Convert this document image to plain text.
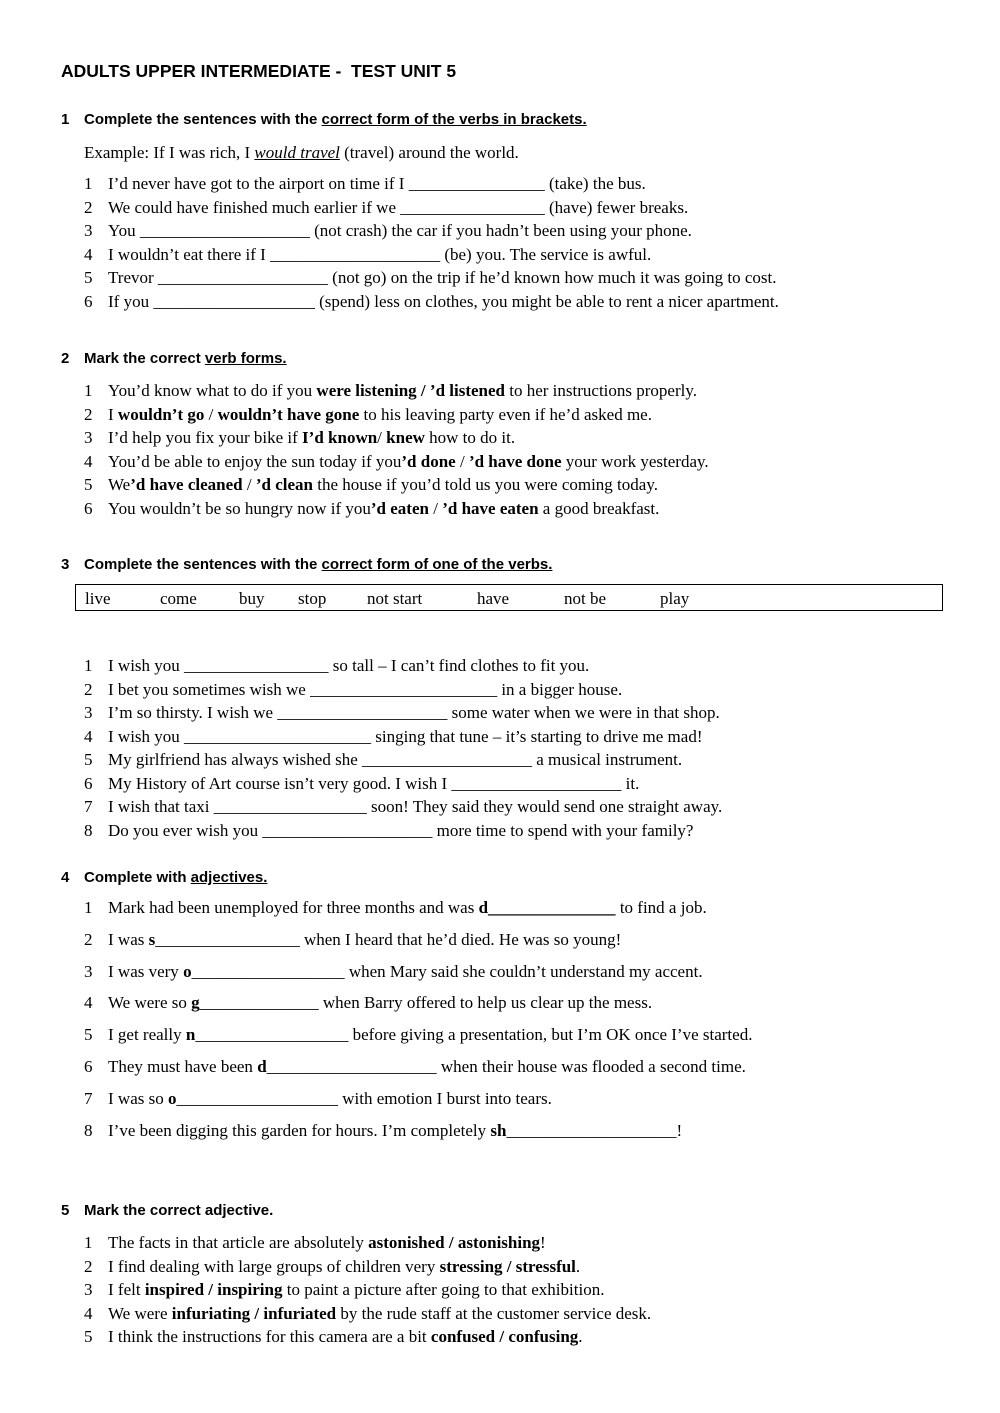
ADULTS UPPER INTERMEDIATE -  TEST UNIT 5
1 Complete the sentences with the correct form of the verbs in brackets.
Example: If I was rich, I would travel (travel) around the world.
1 I’d never have got to the airport on time if I ________________ (take) the bus.
2 We could have finished much earlier if we _________________ (have) fewer breaks.
3 You ____________________ (not crash) the car if you hadn’t been using your phone.
4 I wouldn’t eat there if I ____________________ (be) you. The service is awful.
5 Trevor ____________________ (not go) on the trip if he’d known how much it was going to cost.
6 If you ___________________ (spend) less on clothes, you might be able to rent a nicer apartment.
2 Mark the correct verb forms.
1 You’d know what to do if you were listening / ’d listened to her instructions properly.
2 I wouldn’t go / wouldn’t have gone to his leaving party even if he’d asked me.
3 I’d help you fix your bike if I’d known/ knew how to do it.
4 You’d be able to enjoy the sun today if you’d done / ’d have done your work yesterday.
5 We’d have cleaned / ’d clean the house if you’d told us you were coming today.
6 You wouldn’t be so hungry now if you’d eaten / ’d have eaten a good breakfast.
3 Complete the sentences with the correct form of one of the verbs.
live	come buy stop not start	have	not be	play
1 I wish you _________________ so tall – I can’t find clothes to fit you.
2 I bet you sometimes wish we ______________________ in a bigger house.
3 I’m so thirsty. I wish we ____________________ some water when we were in that shop.
4 I wish you ______________________ singing that tune – it’s starting to drive me mad!
5 My girlfriend has always wished she ____________________ a musical instrument.
6 My History of Art course isn’t very good. I wish I ____________________ it.
7 I wish that taxi __________________ soon! They said they would send one straight away.
8 Do you ever wish you ____________________ more time to spend with your family?
4 Complete with adjectives.
1 Mark had been unemployed for three months and was d_______________ to find a job.
2 I was s_________________ when I heard that he’d died. He was so young!
3 I was very o__________________ when Mary said she couldn’t understand my accent.
4 We were so g______________ when Barry offered to help us clear up the mess.
5 I get really n__________________ before giving a presentation, but I’m OK once I’ve started.
6 They must have been d____________________ when their house was flooded a second time.
7 I was so o___________________ with emotion I burst into tears.
8 I’ve been digging this garden for hours. I’m completely sh____________________!
5 Mark the correct adjective.
1 The facts in that article are absolutely astonished / astonishing!
2 I find dealing with large groups of children very stressing / stressful.
3 I felt inspired / inspiring to paint a picture after going to that exhibition.
4 We were infuriating / infuriated by the rude staff at the customer service desk.
5 I think the instructions for this camera are a bit confused / confusing.
